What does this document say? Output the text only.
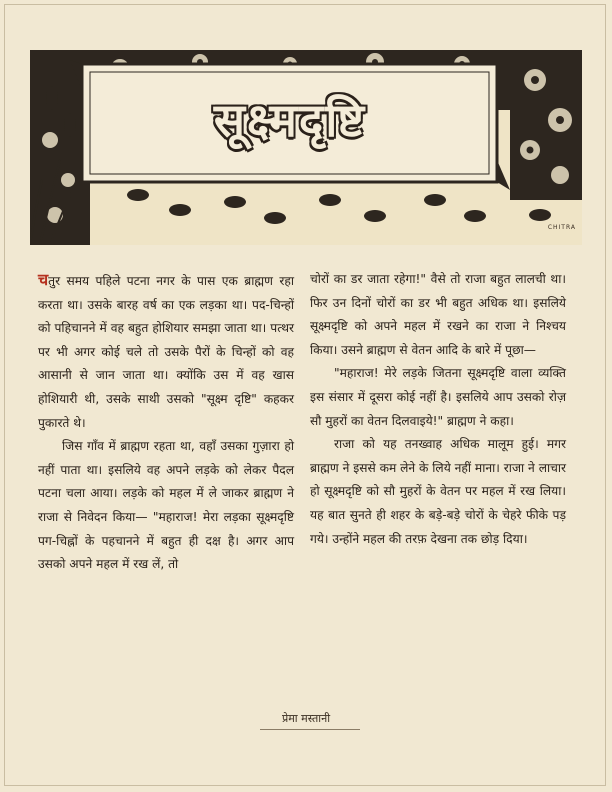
सूक्ष्मदृष्टि
CHITRA

चतुर समय पहिले पटना नगर के पास एक ब्राह्मण रहा करता था। उसके बारह वर्ष का एक लड़का था। पद-चिन्हों को पहिचानने में वह बहुत होशियार समझा जाता था। पत्थर पर भी अगर कोई चले तो उसके पैरों के चिन्हों को वह आसानी से जान जाता था। क्योंकि उस में वह खास होशियारी थी, उसके साथी उसको "सूक्ष्म दृष्टि" कहकर पुकारते थे।

जिस गाँव में ब्राह्मण रहता था, वहाँ उसका गुज़ारा हो नहीं पाता था। इसलिये वह अपने लड़के को लेकर पैदल पटना चला आया। लड़के को महल में ले जाकर ब्राह्मण ने राजा से निवेदन किया— "महाराज! मेरा लड़का सूक्ष्मदृष्टि पग-चिह्नों के पहचानने में बहुत ही दक्ष है। अगर आप उसको अपने महल में रख लें, तो

चोरों का डर जाता रहेगा!" वैसे तो राजा बहुत लालची था। फिर उन दिनों चोरों का डर भी बहुत अधिक था। इसलिये सूक्ष्मदृष्टि को अपने महल में रखने का राजा ने निश्चय किया। उसने ब्राह्मण से वेतन आदि के बारे में पूछा—

"महाराज! मेरे लड़के जितना सूक्ष्मदृष्टि वाला व्यक्ति इस संसार में दूसरा कोई नहीं है। इसलिये आप उसको रोज़ सौ मुहरों का वेतन दिलवाइये!" ब्राह्मण ने कहा।

राजा को यह तनख्वाह अधिक मालूम हुई। मगर ब्राह्मण ने इससे कम लेने के लिये नहीं माना। राजा ने लाचार हो सूक्ष्मदृष्टि को सौ मुहरों के वेतन पर महल में रख लिया। यह बात सुनते ही शहर के बड़े-बड़े चोरों के चेहरे फीके पड़ गये। उन्होंने महल की तरफ़ देखना तक छोड़ दिया।

प्रेमा मस्तानी
